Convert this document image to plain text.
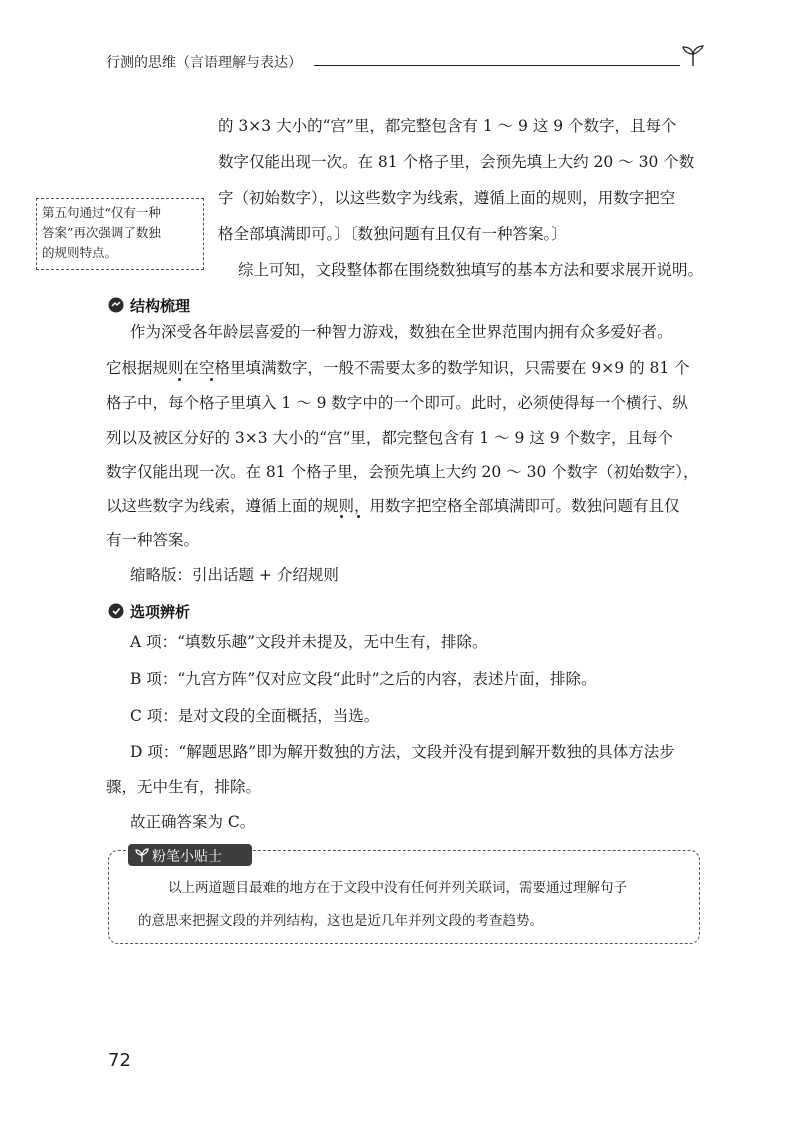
行测的思维（言语理解与表达）
的 3×3 大小的“宫”里，都完整包含有 1 ～ 9 这 9 个数字，且每个
数字仅能出现一次。在 81 个格子里，会预先填上大约 20 ～ 30 个数
字（初始数字），以这些数字为线索，遵循上面的规则，用数字把空
格全部填满即可。〕〔数独问题有且仅有一种答案。〕
第五句通过“仅有一种
答案”再次强调了数独
的规则特点。
综上可知，文段整体都在围绕数独填写的基本方法和要求展开说明。
结构梳理
作为深受各年龄层喜爱的一种智力游戏，数独在全世界范围内拥有众多爱好者。
它根据规则在空格里填满数字，一般不需要太多的数学知识，只需要在 9×9 的 81 个
格子中，每个格子里填入 1 ～ 9 数字中的一个即可。此时，必须使得每一个横行、纵
列以及被区分好的 3×3 大小的“宫”里，都完整包含有 1 ～ 9 这 9 个数字，且每个
数字仅能出现一次。在 81 个格子里，会预先填上大约 20 ～ 30 个数字（初始数字），
以这些数字为线索，遵循上面的规则，用数字把空格全部填满即可。数独问题有且仅
有一种答案。
缩略版：引出话题 + 介绍规则
选项辨析
A 项：“填数乐趣”文段并未提及，无中生有，排除。
B 项：“九宫方阵”仅对应文段“此时”之后的内容，表述片面，排除。
C 项：是对文段的全面概括，当选。
D 项：“解题思路”即为解开数独的方法，文段并没有提到解开数独的具体方法步
骤，无中生有，排除。
故正确答案为 C。
粉笔小贴士
以上两道题目最难的地方在于文段中没有任何并列关联词，需要通过理解句子
的意思来把握文段的并列结构，这也是近几年并列文段的考查趋势。
72
